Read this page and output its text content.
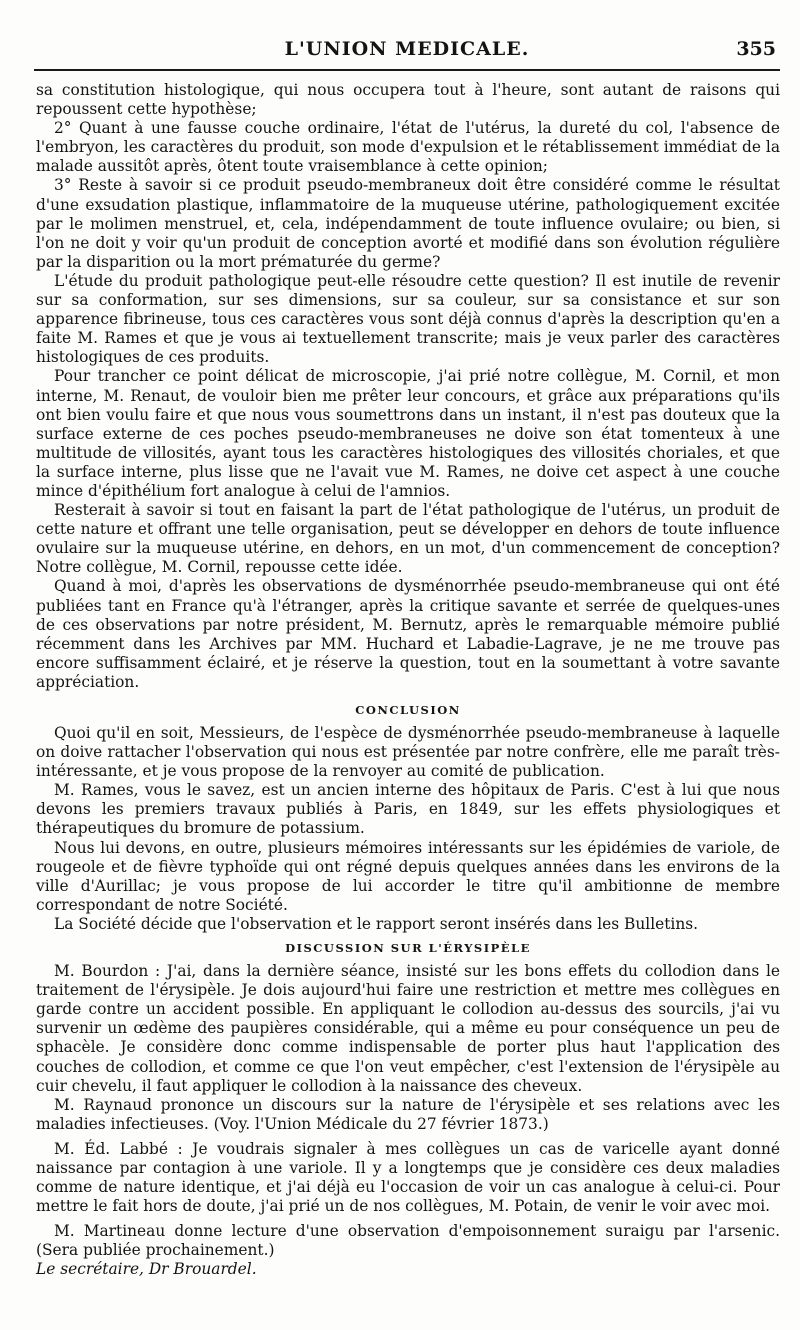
L'UNION MEDICALE.	355

sa constitution histologique, qui nous occupera tout à l'heure, sont autant de raisons qui repoussent cette hypothèse;

2° Quant à une fausse couche ordinaire, l'état de l'utérus, la dureté du col, l'absence de l'embryon, les caractères du produit, son mode d'expulsion et le rétablissement immédiat de la malade aussitôt après, ôtent toute vraisemblance à cette opinion;

3° Reste à savoir si ce produit pseudo-membraneux doit être considéré comme le résultat d'une exsudation plastique, inflammatoire de la muqueuse utérine, pathologiquement excitée par le molimen menstruel, et, cela, indépendamment de toute influence ovulaire; ou bien, si l'on ne doit y voir qu'un produit de conception avorté et modifié dans son évolution régulière par la disparition ou la mort prématurée du germe?

L'étude du produit pathologique peut-elle résoudre cette question? Il est inutile de revenir sur sa conformation, sur ses dimensions, sur sa couleur, sur sa consistance et sur son apparence fibrineuse, tous ces caractères vous sont déjà connus d'après la description qu'en a faite M. Rames et que je vous ai textuellement transcrite; mais je veux parler des caractères histologiques de ces produits.

Pour trancher ce point délicat de microscopie, j'ai prié notre collègue, M. Cornil, et mon interne, M. Renaut, de vouloir bien me prêter leur concours, et grâce aux préparations qu'ils ont bien voulu faire et que nous vous soumettrons dans un instant, il n'est pas douteux que la surface externe de ces poches pseudo-membraneuses ne doive son état tomenteux à une multitude de villosités, ayant tous les caractères histologiques des villosités choriales, et que la surface interne, plus lisse que ne l'avait vue M. Rames, ne doive cet aspect à une couche mince d'épithélium fort analogue à celui de l'amnios.

Resterait à savoir si tout en faisant la part de l'état pathologique de l'utérus, un produit de cette nature et offrant une telle organisation, peut se développer en dehors de toute influence ovulaire sur la muqueuse utérine, en dehors, en un mot, d'un commencement de conception? Notre collègue, M. Cornil, repousse cette idée.

Quand à moi, d'après les observations de dysménorrhée pseudo-membraneuse qui ont été publiées tant en France qu'à l'étranger, après la critique savante et serrée de quelques-unes de ces observations par notre président, M. Bernutz, après le remarquable mémoire publié récemment dans les Archives par MM. Huchard et Labadie-Lagrave, je ne me trouve pas encore suffisamment éclairé, et je réserve la question, tout en la soumettant à votre savante appréciation.

CONCLUSION

Quoi qu'il en soit, Messieurs, de l'espèce de dysménorrhée pseudo-membraneuse à laquelle on doive rattacher l'observation qui nous est présentée par notre confrère, elle me paraît très-intéressante, et je vous propose de la renvoyer au comité de publication.

M. Rames, vous le savez, est un ancien interne des hôpitaux de Paris. C'est à lui que nous devons les premiers travaux publiés à Paris, en 1849, sur les effets physiologiques et thérapeutiques du bromure de potassium.

Nous lui devons, en outre, plusieurs mémoires intéressants sur les épidémies de variole, de rougeole et de fièvre typhoïde qui ont régné depuis quelques années dans les environs de la ville d'Aurillac; je vous propose de lui accorder le titre qu'il ambitionne de membre correspondant de notre Société.

La Société décide que l'observation et le rapport seront insérés dans les Bulletins.

DISCUSSION SUR L'ÉRYSIPÈLE

M. Bourdon : J'ai, dans la dernière séance, insisté sur les bons effets du collodion dans le traitement de l'érysipèle. Je dois aujourd'hui faire une restriction et mettre mes collègues en garde contre un accident possible. En appliquant le collodion au-dessus des sourcils, j'ai vu survenir un œdème des paupières considérable, qui a même eu pour conséquence un peu de sphacèle. Je considère donc comme indispensable de porter plus haut l'application des couches de collodion, et comme ce que l'on veut empêcher, c'est l'extension de l'érysipèle au cuir chevelu, il faut appliquer le collodion à la naissance des cheveux.

M. Raynaud prononce un discours sur la nature de l'érysipèle et ses relations avec les maladies infectieuses. (Voy. l'Union Médicale du 27 février 1873.)

M. Éd. Labbé : Je voudrais signaler à mes collègues un cas de varicelle ayant donné naissance par contagion à une variole. Il y a longtemps que je considère ces deux maladies comme de nature identique, et j'ai déjà eu l'occasion de voir un cas analogue à celui-ci. Pour mettre le fait hors de doute, j'ai prié un de nos collègues, M. Potain, de venir le voir avec moi.

M. Martineau donne lecture d'une observation d'empoisonnement suraigu par l'arsenic. (Sera publiée prochainement.)

Le secrétaire, Dr Brouardel.
